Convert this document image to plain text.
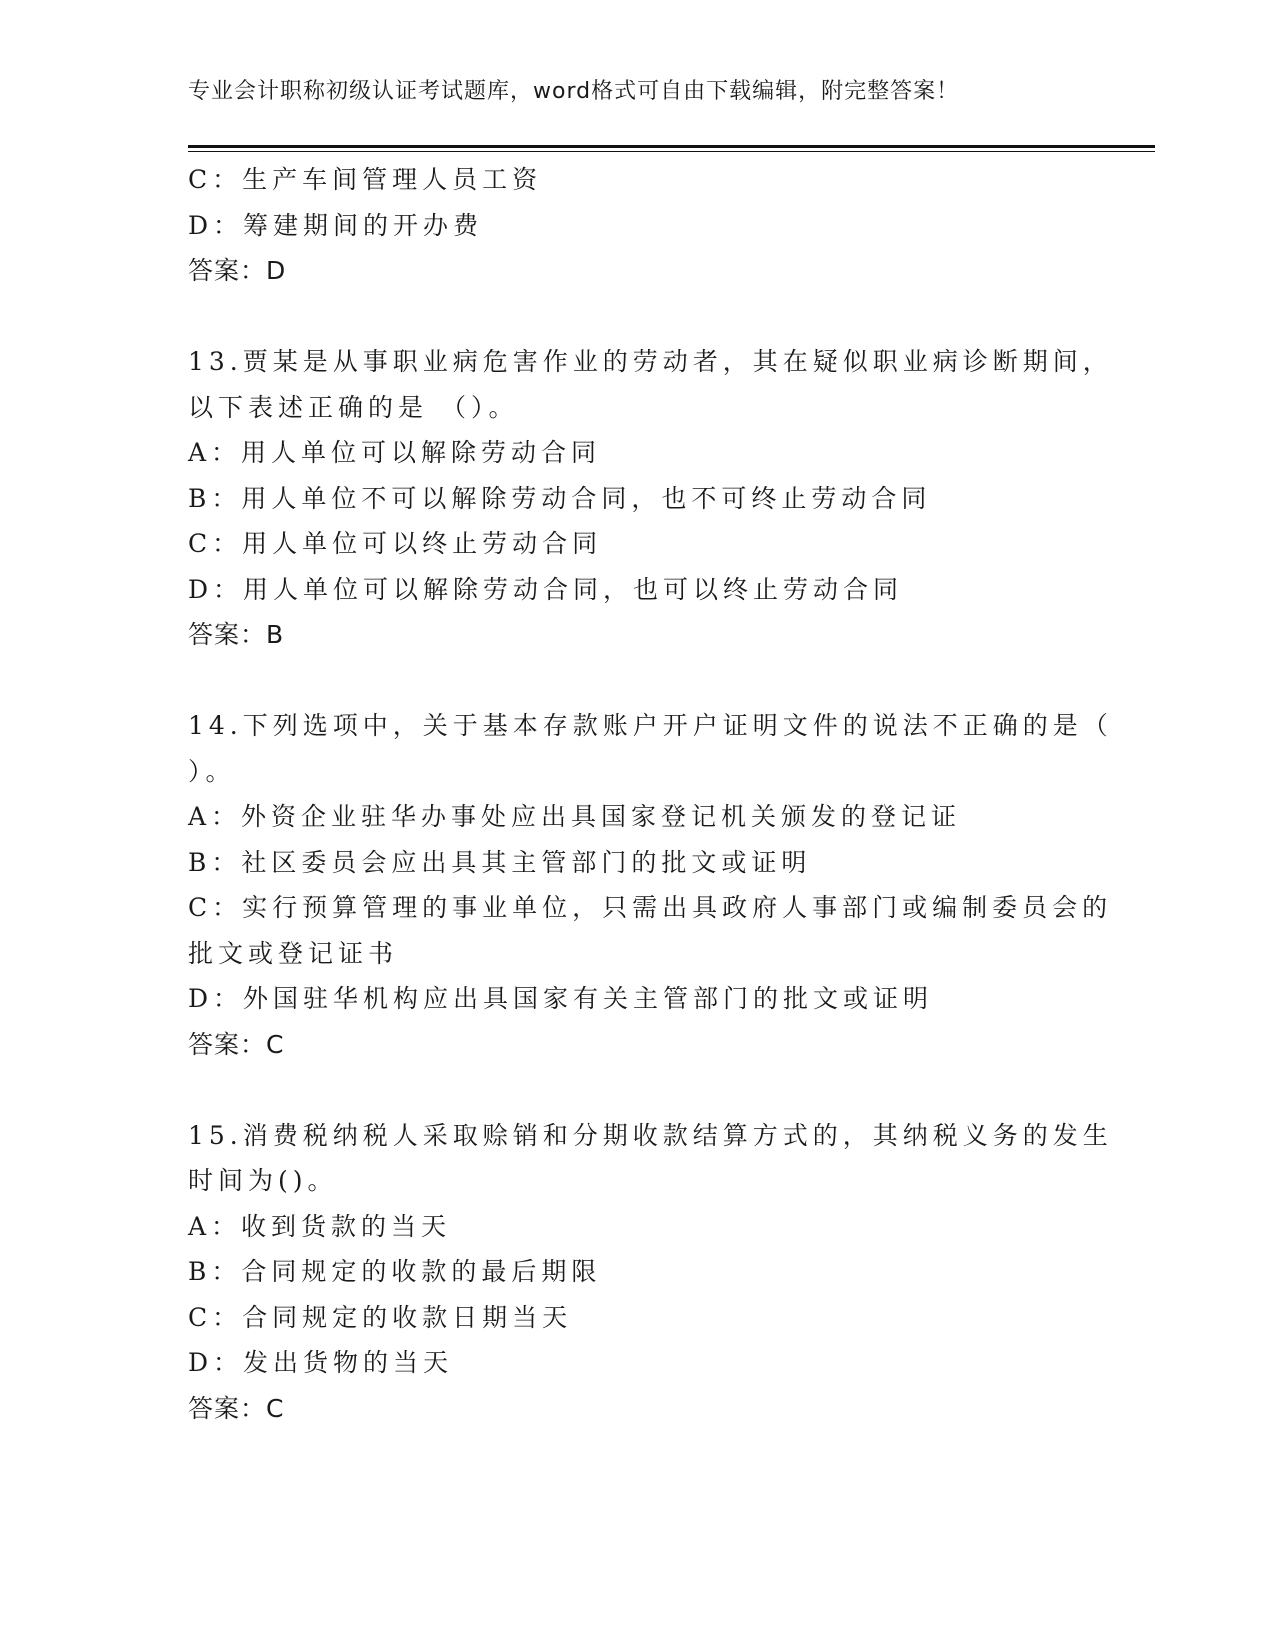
专业会计职称初级认证考试题库，word格式可自由下载编辑，附完整答案！
C：生产车间管理人员工资
D：筹建期间的开办费
答案：D
13.贾某是从事职业病危害作业的劳动者，其在疑似职业病诊断期间，
以下表述正确的是 （）。
A：用人单位可以解除劳动合同
B：用人单位不可以解除劳动合同，也不可终止劳动合同
C：用人单位可以终止劳动合同
D：用人单位可以解除劳动合同，也可以终止劳动合同
答案：B
14.下列选项中，关于基本存款账户开户证明文件的说法不正确的是（
）。
A：外资企业驻华办事处应出具国家登记机关颁发的登记证
B：社区委员会应出具其主管部门的批文或证明
C：实行预算管理的事业单位，只需出具政府人事部门或编制委员会的
批文或登记证书
D：外国驻华机构应出具国家有关主管部门的批文或证明
答案：C
15.消费税纳税人采取赊销和分期收款结算方式的，其纳税义务的发生
时间为()。
A：收到货款的当天
B：合同规定的收款的最后期限
C：合同规定的收款日期当天
D：发出货物的当天
答案：C
